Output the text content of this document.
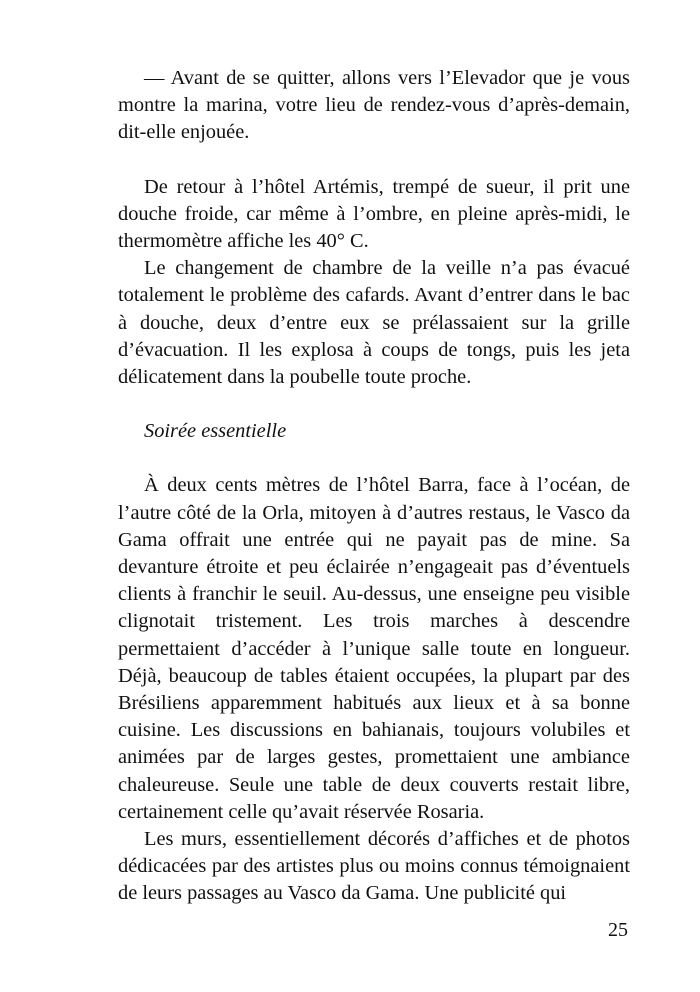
— Avant de se quitter, allons vers l’Elevador que je vous montre la marina, votre lieu de rendez-vous d’après-demain, dit-elle enjouée.

De retour à l’hôtel Artémis, trempé de sueur, il prit une douche froide, car même à l’ombre, en pleine après-midi, le thermomètre affiche les 40° C.

Le changement de chambre de la veille n’a pas évacué totalement le problème des cafards. Avant d’entrer dans le bac à douche, deux d’entre eux se prélassaient sur la grille d’évacuation. Il les explosa à coups de tongs, puis les jeta délicatement dans la poubelle toute proche.

Soirée essentielle

À deux cents mètres de l’hôtel Barra, face à l’océan, de l’autre côté de la Orla, mitoyen à d’autres restaus, le Vasco da Gama offrait une entrée qui ne payait pas de mine. Sa devanture étroite et peu éclairée n’engageait pas d’éventuels clients à franchir le seuil. Au-dessus, une enseigne peu visible clignotait tristement. Les trois marches à descendre permettaient d’accéder à l’unique salle toute en longueur. Déjà, beaucoup de tables étaient occupées, la plupart par des Brésiliens apparemment habitués aux lieux et à sa bonne cuisine. Les discussions en bahianais, toujours volubiles et animées par de larges gestes, promettaient une ambiance chaleureuse. Seule une table de deux couverts restait libre, certainement celle qu’avait réservée Rosaria.

Les murs, essentiellement décorés d’affiches et de photos dédicacées par des artistes plus ou moins connus témoignaient de leurs passages au Vasco da Gama. Une publicité qui

25
